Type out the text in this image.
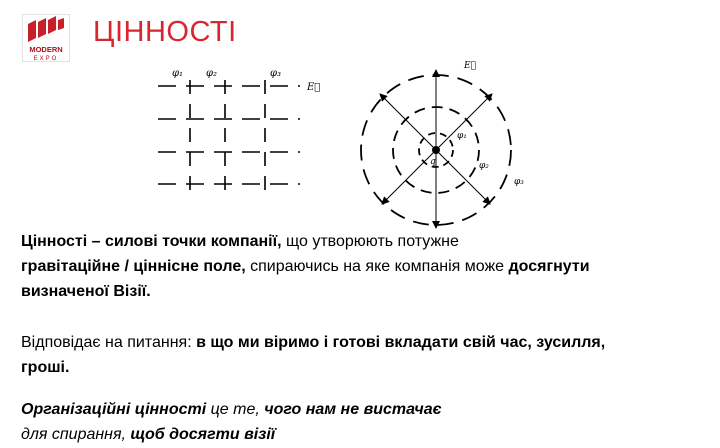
MODERN
EXPO
ЦІННОСТІ
φ₁ φ₂	φ₃
E⃗
q
E⃗
φ₁
φ₂
φ₃
Цінності – силові точки компанії, що утворюють потужне
гравітаційне / ціннісне поле, спираючись на яке компанія може досягнути
визначеної Візії.
Відповідає на питання: в що ми віримо і готові вкладати свій час, зусилля,
гроші.
Організаційні цінності це те, чого нам не вистачає
для спирання, щоб досягти візії
